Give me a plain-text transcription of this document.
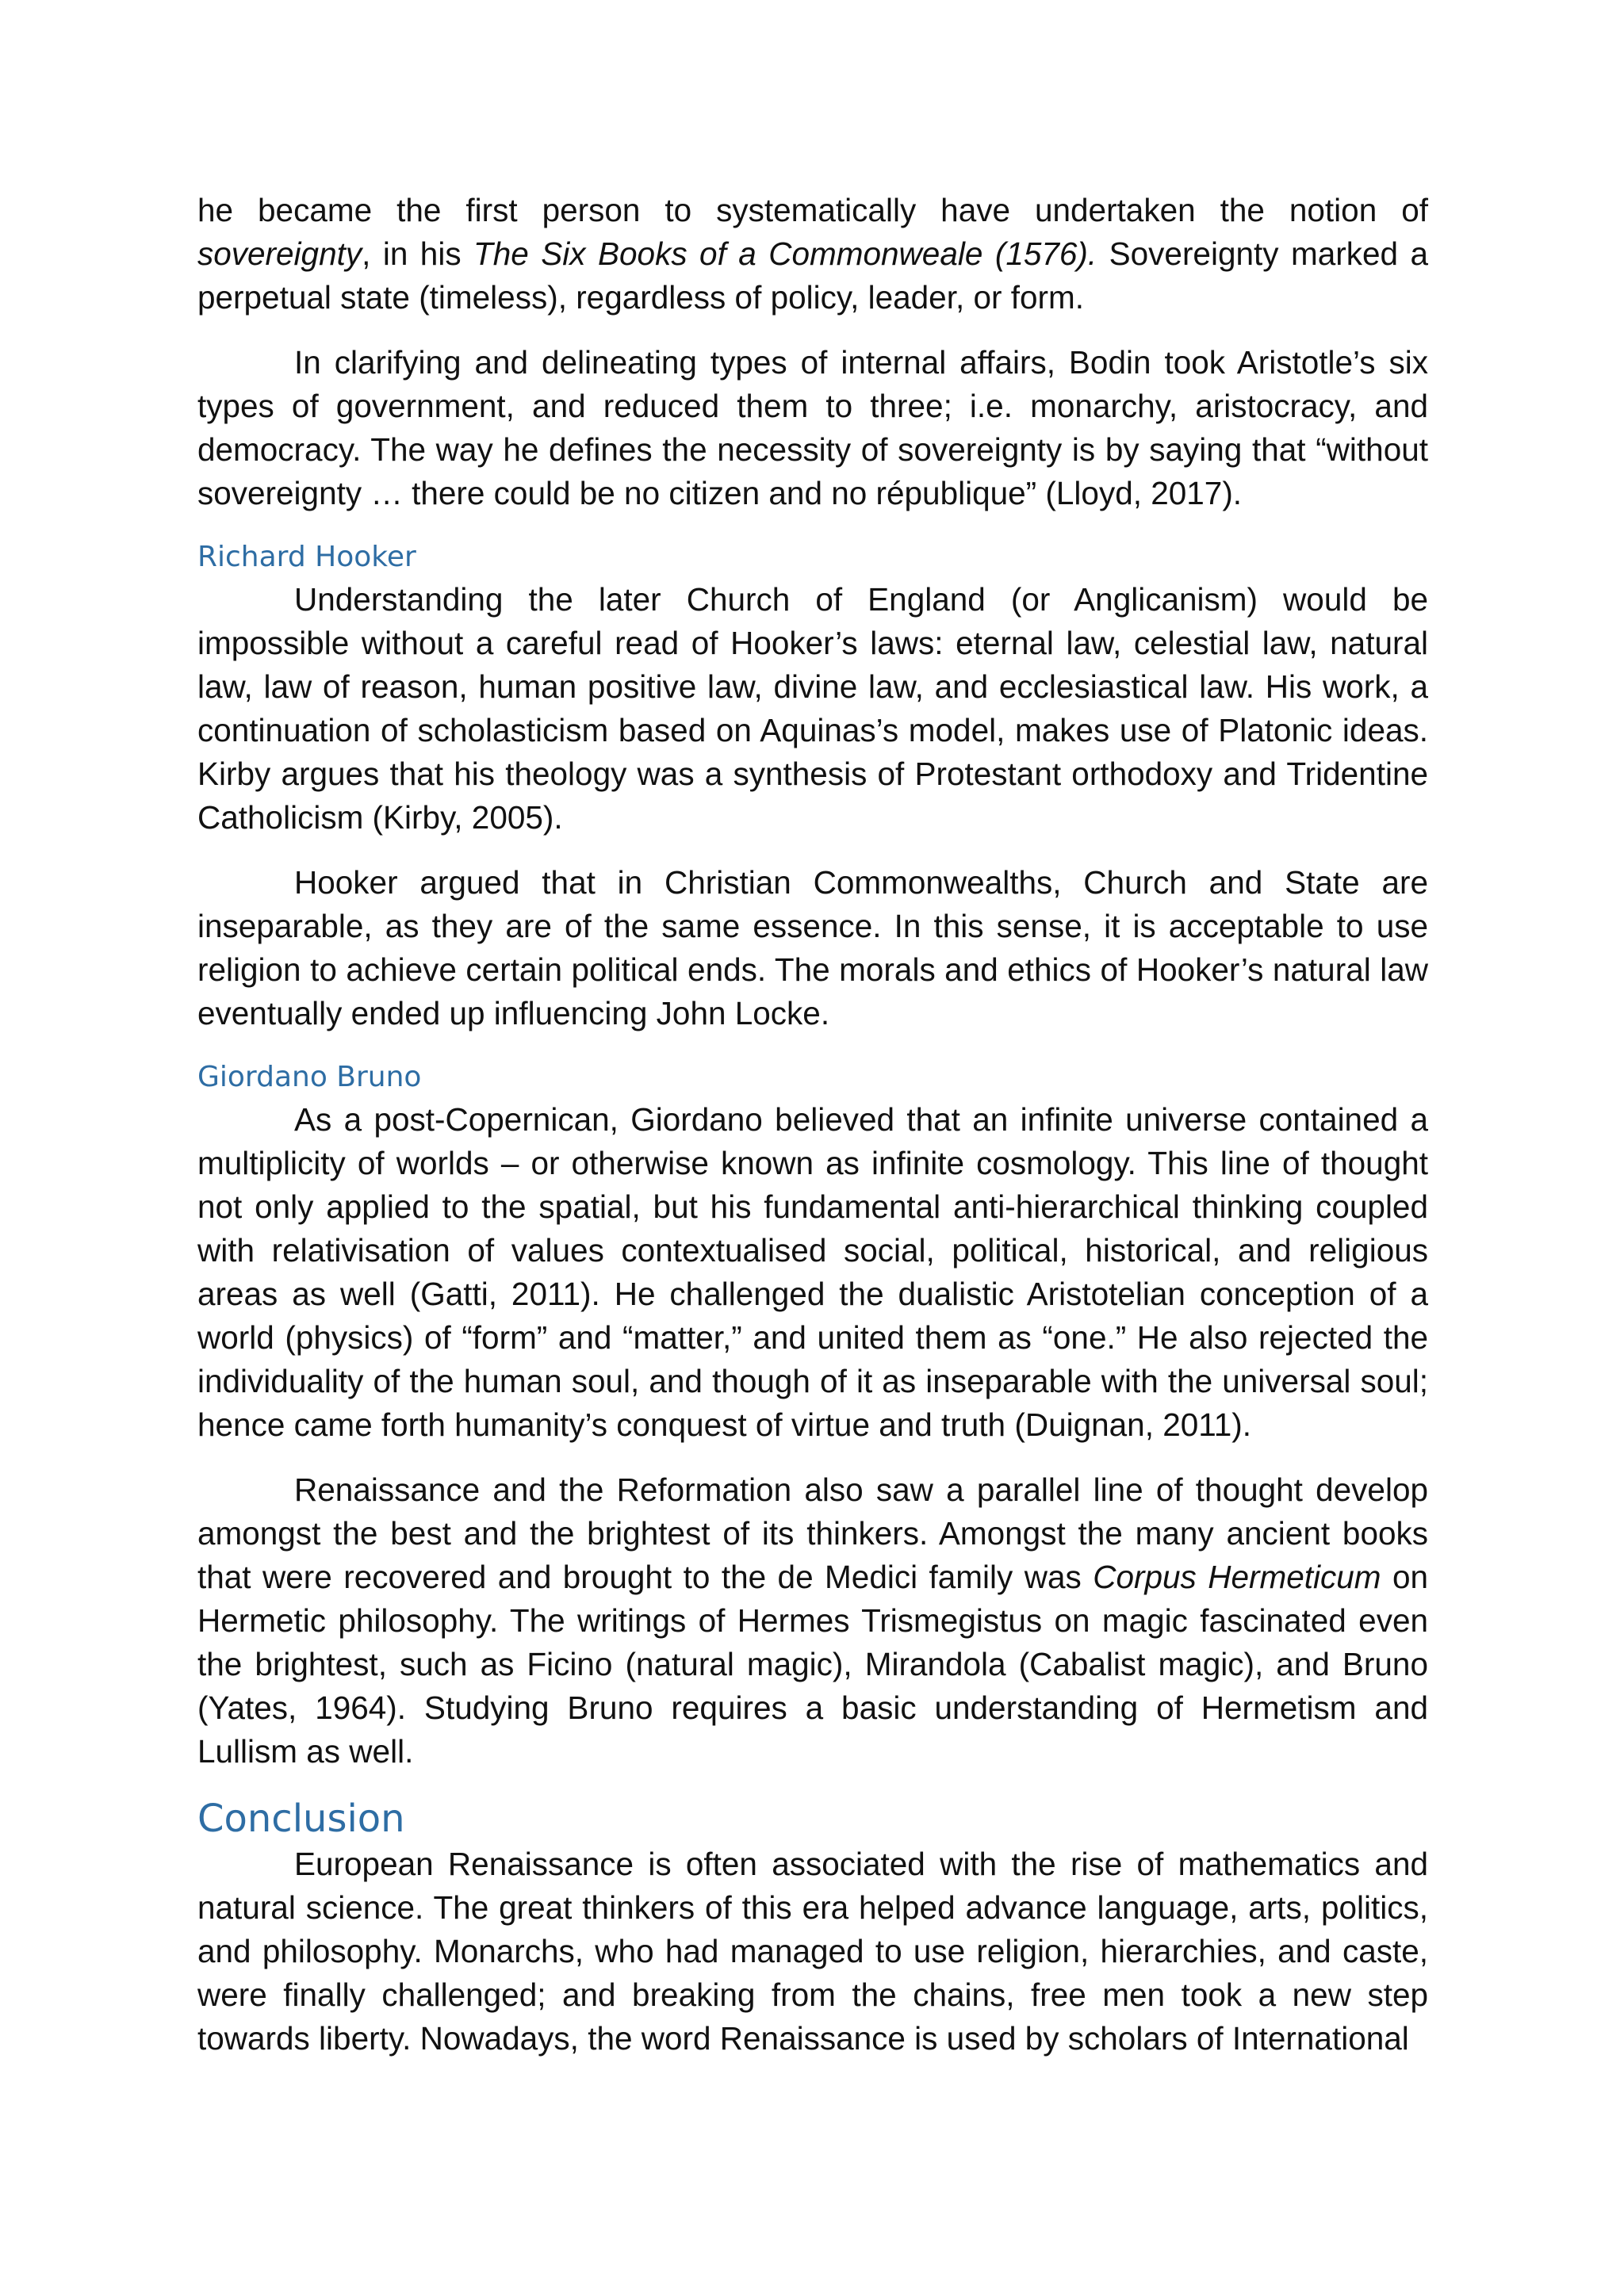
he became the first person to systematically have undertaken the notion of sovereignty, in his The Six Books of a Commonweale (1576). Sovereignty marked a perpetual state (timeless), regardless of policy, leader, or form.

In clarifying and delineating types of internal affairs, Bodin took Aristotle’s six types of government, and reduced them to three; i.e. monarchy, aristocracy, and democracy. The way he defines the necessity of sovereignty is by saying that “without sovereignty … there could be no citizen and no république” (Lloyd, 2017).

Richard Hooker

Understanding the later Church of England (or Anglicanism) would be impossible without a careful read of Hooker’s laws: eternal law, celestial law, natural law, law of reason, human positive law, divine law, and ecclesiastical law. His work, a continuation of scholasticism based on Aquinas’s model, makes use of Platonic ideas. Kirby argues that his theology was a synthesis of Protestant orthodoxy and Tridentine Catholicism (Kirby, 2005).

Hooker argued that in Christian Commonwealths, Church and State are inseparable, as they are of the same essence. In this sense, it is acceptable to use religion to achieve certain political ends. The morals and ethics of Hooker’s natural law eventually ended up influencing John Locke.

Giordano Bruno

As a post-Copernican, Giordano believed that an infinite universe contained a multiplicity of worlds – or otherwise known as infinite cosmology. This line of thought not only applied to the spatial, but his fundamental anti-hierarchical thinking coupled with relativisation of values contextualised social, political, historical, and religious areas as well (Gatti, 2011). He challenged the dualistic Aristotelian conception of a world (physics) of “form” and “matter,” and united them as “one.” He also rejected the individuality of the human soul, and though of it as inseparable with the universal soul; hence came forth humanity’s conquest of virtue and truth (Duignan, 2011).

Renaissance and the Reformation also saw a parallel line of thought develop amongst the best and the brightest of its thinkers. Amongst the many ancient books that were recovered and brought to the de Medici family was Corpus Hermeticum on Hermetic philosophy. The writings of Hermes Trismegistus on magic fascinated even the brightest, such as Ficino (natural magic), Mirandola (Cabalist magic), and Bruno (Yates, 1964). Studying Bruno requires a basic understanding of Hermetism and Lullism as well.

Conclusion

European Renaissance is often associated with the rise of mathematics and natural science. The great thinkers of this era helped advance language, arts, politics, and philosophy. Monarchs, who had managed to use religion, hierarchies, and caste, were finally challenged; and breaking from the chains, free men took a new step towards liberty. Nowadays, the word Renaissance is used by scholars of International
